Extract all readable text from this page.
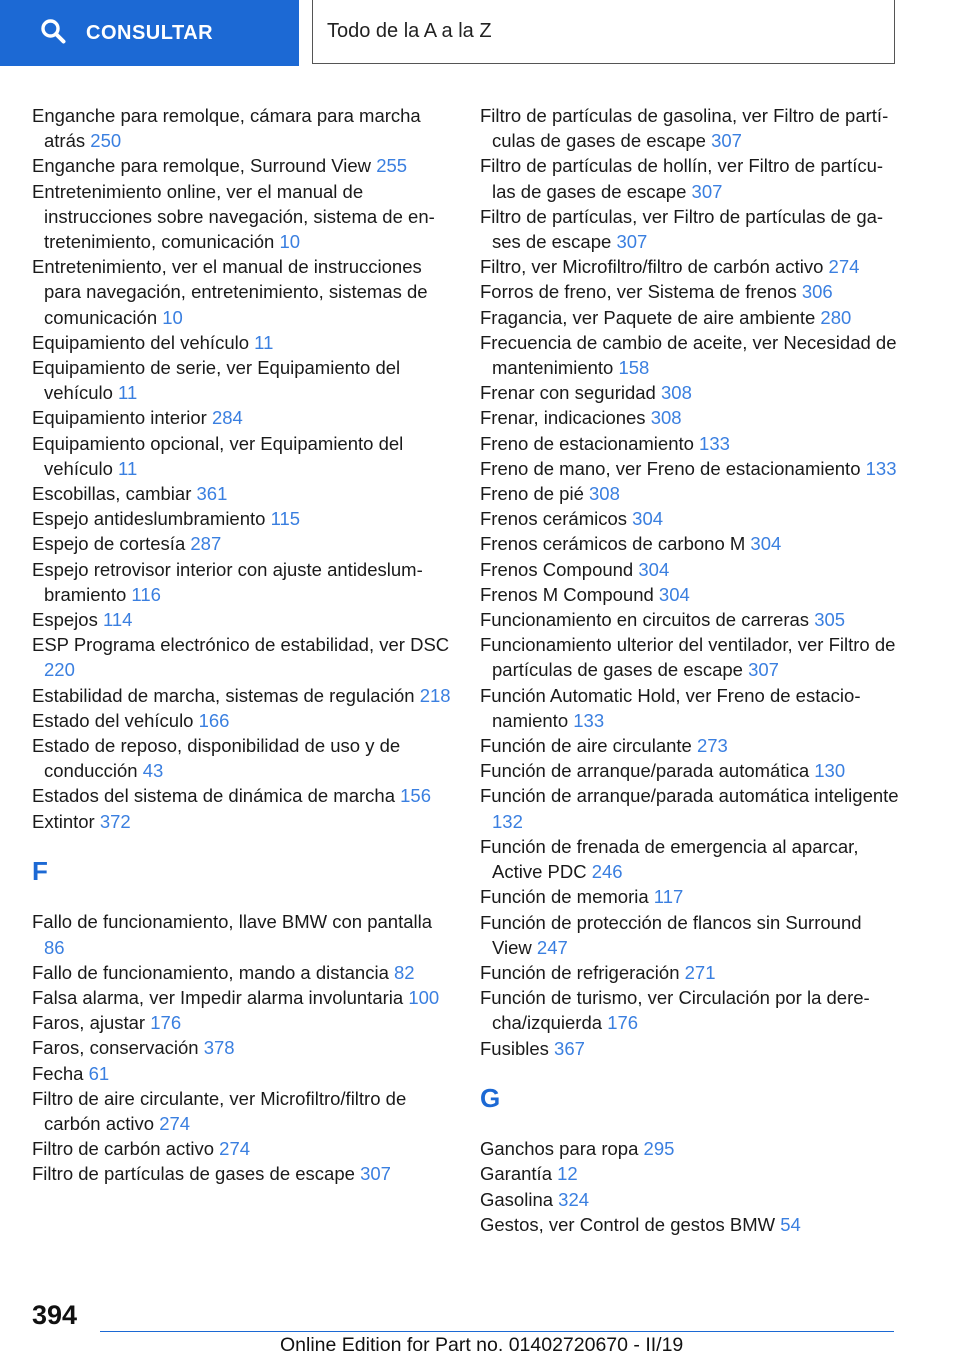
CONSULTAR	Todo de la A a la Z
Enganche para remolque, cámara para marcha atrás 250
Enganche para remolque, Surround View 255
Entretenimiento online, ver el manual de instrucciones sobre navegación, sistema de entretenimiento, comunicación 10
Entretenimiento, ver el manual de instrucciones para navegación, entretenimiento, sistemas de comunicación 10
Equipamiento del vehículo 11
Equipamiento de serie, ver Equipamiento del vehículo 11
Equipamiento interior 284
Equipamiento opcional, ver Equipamiento del vehículo 11
Escobillas, cambiar 361
Espejo antideslumbramiento 115
Espejo de cortesía 287
Espejo retrovisor interior con ajuste antideslumbramiento 116
Espejos 114
ESP Programa electrónico de estabilidad, ver DSC 220
Estabilidad de marcha, sistemas de regulación 218
Estado del vehículo 166
Estado de reposo, disponibilidad de uso y de conducción 43
Estados del sistema de dinámica de marcha 156
Extintor 372
F
Fallo de funcionamiento, llave BMW con pantalla 86
Fallo de funcionamiento, mando a distancia 82
Falsa alarma, ver Impedir alarma involuntaria 100
Faros, ajustar 176
Faros, conservación 378
Fecha 61
Filtro de aire circulante, ver Microfiltro/filtro de carbón activo 274
Filtro de carbón activo 274
Filtro de partículas de gases de escape 307
Filtro de partículas de gasolina, ver Filtro de partículas de gases de escape 307
Filtro de partículas de hollín, ver Filtro de partículas de gases de escape 307
Filtro de partículas, ver Filtro de partículas de gases de escape 307
Filtro, ver Microfiltro/filtro de carbón activo 274
Forros de freno, ver Sistema de frenos 306
Fragancia, ver Paquete de aire ambiente 280
Frecuencia de cambio de aceite, ver Necesidad de mantenimiento 158
Frenar con seguridad 308
Frenar, indicaciones 308
Freno de estacionamiento 133
Freno de mano, ver Freno de estacionamiento 133
Freno de pié 308
Frenos cerámicos 304
Frenos cerámicos de carbono M 304
Frenos Compound 304
Frenos M Compound 304
Funcionamiento en circuitos de carreras 305
Funcionamiento ulterior del ventilador, ver Filtro de partículas de gases de escape 307
Función Automatic Hold, ver Freno de estacionamiento 133
Función de aire circulante 273
Función de arranque/parada automática 130
Función de arranque/parada automática inteligente 132
Función de frenada de emergencia al aparcar, Active PDC 246
Función de memoria 117
Función de protección de flancos sin Surround View 247
Función de refrigeración 271
Función de turismo, ver Circulación por la derecha/izquierda 176
Fusibles 367
G
Ganchos para ropa 295
Garantía 12
Gasolina 324
Gestos, ver Control de gestos BMW 54
394
Online Edition for Part no. 01402720670 - II/19
